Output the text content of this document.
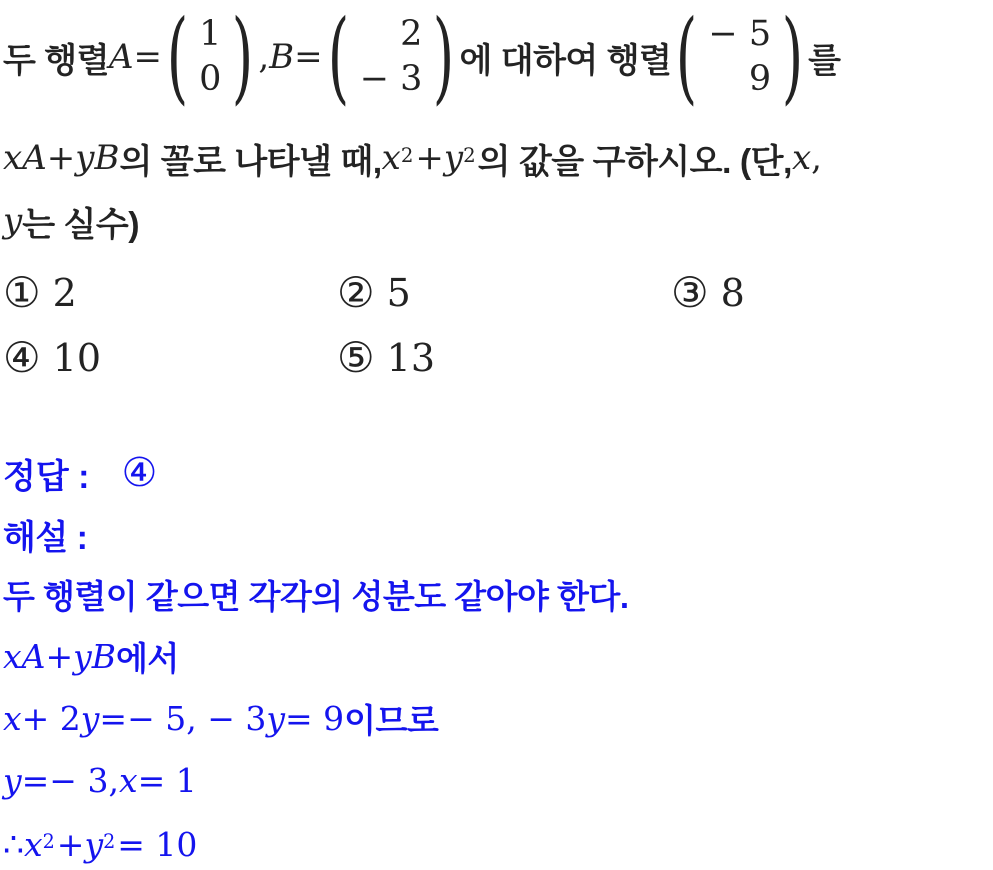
두 행렬 A = ( 1
0 ) , B = ( 2
− 3 ) 에 대하여 행렬 ( − 5
9 ) 를
x A + y B 의 꼴로 나타낼 때, $x^2 + y^2$ 의 값을 구하시오. (단, x ,
y 는 실수)
① 2	② 5	③ 8
④ 10	⑤ 13
정답 : ④
해설 :
두 행렬이 같으면 각각의 성분도 같아야 한다.
x A + y B 에서
x + 2 y =− 5, − 3 y = 9 이므로
y =− 3, x = 1
∴ $x^2 + y^2 = 10$
